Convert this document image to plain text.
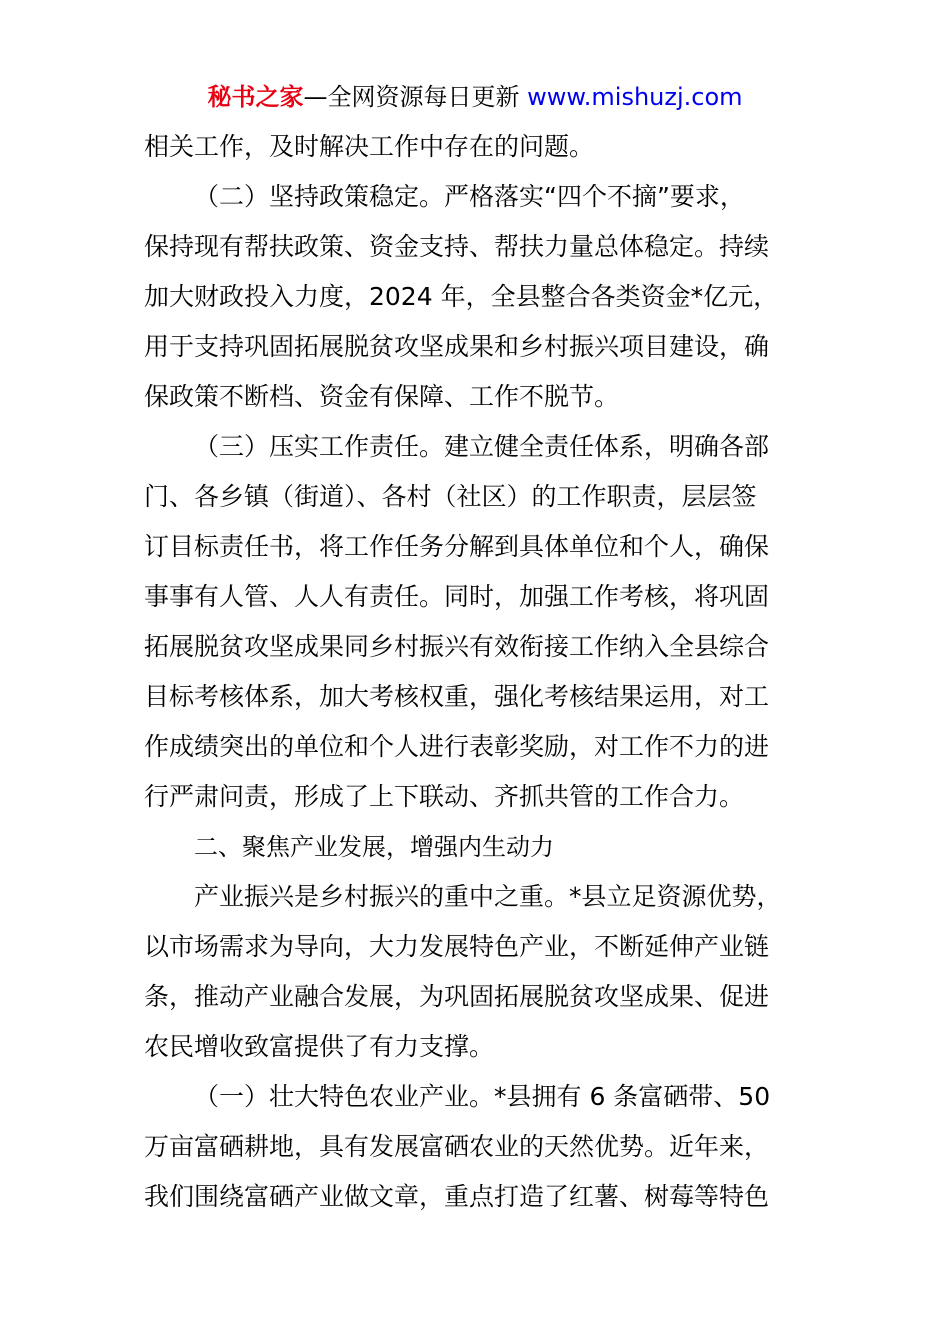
秘书之家—全网资源每日更新 www.mishuzj.com
相关工作，及时解决工作中存在的问题。
（二）坚持政策稳定。严格落实“四个不摘”要求，
保持现有帮扶政策、资金支持、帮扶力量总体稳定。持续
加大财政投入力度，2024 年，全县整合各类资金*亿元，
用于支持巩固拓展脱贫攻坚成果和乡村振兴项目建设，确
保政策不断档、资金有保障、工作不脱节。
（三）压实工作责任。建立健全责任体系，明确各部
门、各乡镇（街道）、各村（社区）的工作职责，层层签
订目标责任书，将工作任务分解到具体单位和个人，确保
事事有人管、人人有责任。同时，加强工作考核，将巩固
拓展脱贫攻坚成果同乡村振兴有效衔接工作纳入全县综合
目标考核体系，加大考核权重，强化考核结果运用，对工
作成绩突出的单位和个人进行表彰奖励，对工作不力的进
行严肃问责，形成了上下联动、齐抓共管的工作合力。
二、聚焦产业发展，增强内生动力
产业振兴是乡村振兴的重中之重。*县立足资源优势，
以市场需求为导向，大力发展特色产业，不断延伸产业链
条，推动产业融合发展，为巩固拓展脱贫攻坚成果、促进
农民增收致富提供了有力支撑。
（一）壮大特色农业产业。*县拥有 6 条富硒带、50
万亩富硒耕地，具有发展富硒农业的天然优势。近年来，
我们围绕富硒产业做文章，重点打造了红薯、树莓等特色
